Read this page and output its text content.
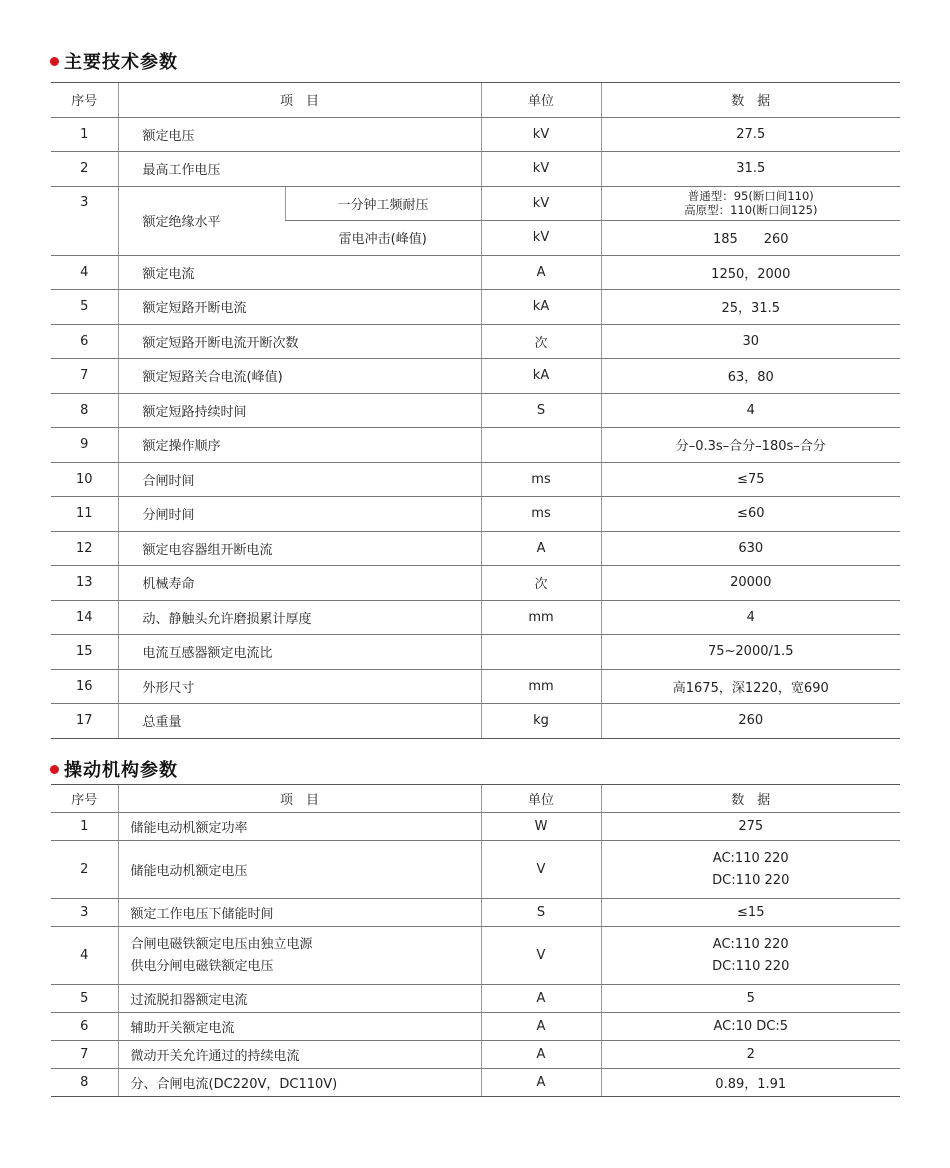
主要技术参数
序号	项　目		单位	数　据
1	额定电压		kV	27.5
2	最高工作电压		kV	31.5
3	额定绝缘水平	一分钟工频耐压	kV	普通型：95(断口间110)
高原型：110(断口间125)

		雷电冲击(峰值)	kV	185　　260
4	额定电流		A	1250，2000
5	额定短路开断电流		kA	25，31.5
6	额定短路开断电流开断次数		次	30
7	额定短路关合电流(峰值)		kA	63，80
8	额定短路持续时间		S	4
9	额定操作顺序			分–0.3s–合分–180s–合分
10	合闸时间		ms	≤75
11	分闸时间		ms	≤60
12	额定电容器组开断电流		A	630
13	机械寿命		次	20000
14	动、静触头允许磨损累计厚度		mm	4
15	电流互感器额定电流比			75~2000/1.5
16	外形尺寸		mm	高1675，深1220，宽690
17	总重量		kg	260
操动机构参数
序号	项　目	单位	数　据
1	储能电动机额定功率	W	275
2	储能电动机额定电压	V	AC:110 220
DC:110 220

3	额定工作电压下储能时间	S	≤15
4	合闸电磁铁额定电压由独立电源
供电分闸电磁铁额定电压	V	AC:110 220
DC:110 220

5	过流脱扣器额定电流	A	5
6	辅助开关额定电流	A	AC:10 DC:5
7	微动开关允许通过的持续电流	A	2
8	分、合闸电流(DC220V，DC110V)	A	0.89，1.91
